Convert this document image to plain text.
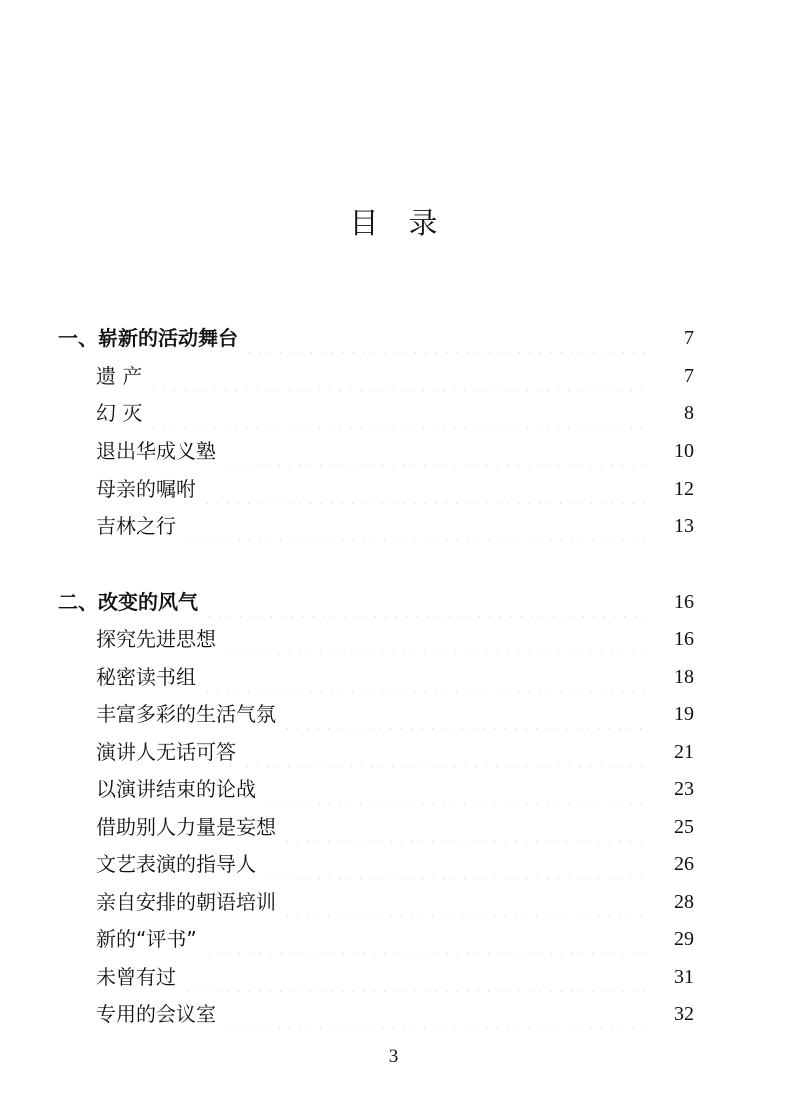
目录
一、崭新的活动舞台	7
遗 产	7
幻 灭	8
退出华成义塾	10
母亲的嘱咐	12
吉林之行	13
二、改变的风气	16
探究先进思想	16
秘密读书组	18
丰富多彩的生活气氛	19
演讲人无话可答	21
以演讲结束的论战	23
借助别人力量是妄想	25
文艺表演的指导人	26
亲自安排的朝语培训	28
新的“评书”	29
未曾有过	31
专用的会议室	32
3
